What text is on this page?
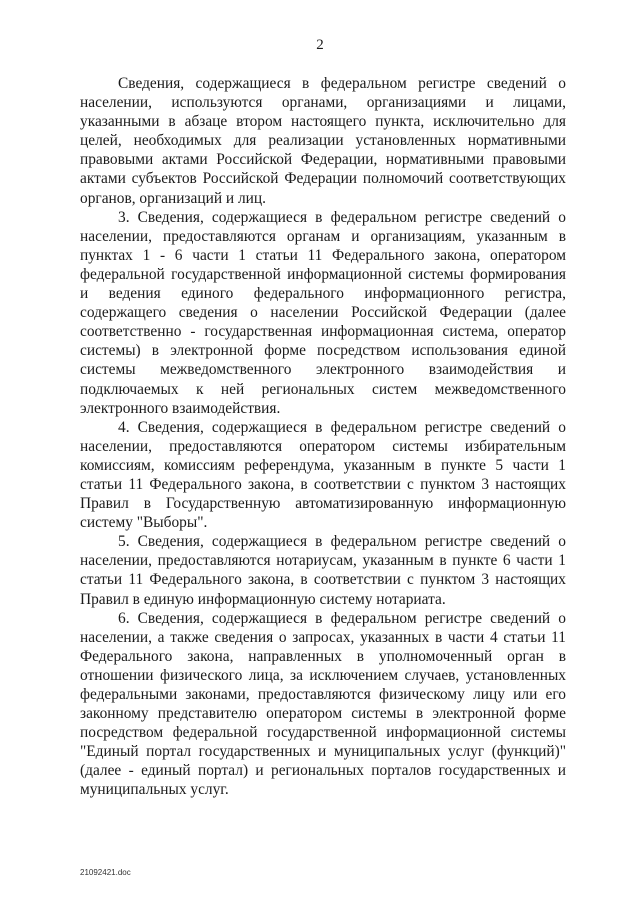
2

Сведения, содержащиеся в федеральном регистре сведений о населении, используются органами, организациями и лицами, указанными в абзаце втором настоящего пункта, исключительно для целей, необходимых для реализации установленных нормативными правовыми актами Российской Федерации, нормативными правовыми актами субъектов Российской Федерации полномочий соответствующих органов, организаций и лиц.

3. Сведения, содержащиеся в федеральном регистре сведений о населении, предоставляются органам и организациям, указанным в пунктах 1 - 6 части 1 статьи 11 Федерального закона, оператором федеральной государственной информационной системы формирования и ведения единого федерального информационного регистра, содержащего сведения о населении Российской Федерации (далее соответственно - государственная информационная система, оператор системы) в электронной форме посредством использования единой системы межведомственного электронного взаимодействия и подключаемых к ней региональных систем межведомственного электронного взаимодействия.

4. Сведения, содержащиеся в федеральном регистре сведений о населении, предоставляются оператором системы избирательным комиссиям, комиссиям референдума, указанным в пункте 5 части 1 статьи 11 Федерального закона, в соответствии с пунктом 3 настоящих Правил в Государственную автоматизированную информационную систему "Выборы".

5. Сведения, содержащиеся в федеральном регистре сведений о населении, предоставляются нотариусам, указанным в пункте 6 части 1 статьи 11 Федерального закона, в соответствии с пунктом 3 настоящих Правил в единую информационную систему нотариата.

6. Сведения, содержащиеся в федеральном регистре сведений о населении, а также сведения о запросах, указанных в части 4 статьи 11 Федерального закона, направленных в уполномоченный орган в отношении физического лица, за исключением случаев, установленных федеральными законами, предоставляются физическому лицу или его законному представителю оператором системы в электронной форме посредством федеральной государственной информационной системы "Единый портал государственных и муниципальных услуг (функций)" (далее - единый портал) и региональных порталов государственных и муниципальных услуг.

21092421.doc
